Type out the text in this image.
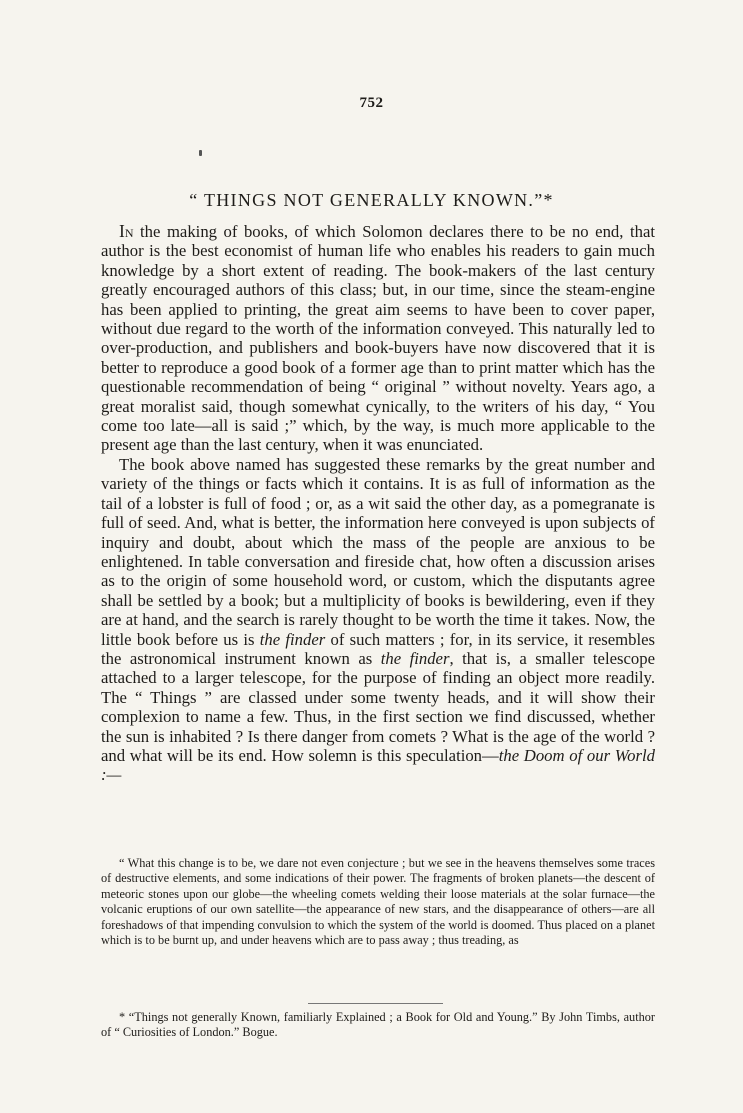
752
“ THINGS NOT GENERALLY KNOWN.”*

In the making of books, of which Solomon declares there to be no end, that author is the best economist of human life who enables his readers to gain much knowledge by a short extent of reading. The book-makers of the last century greatly encouraged authors of this class; but, in our time, since the steam-engine has been applied to printing, the great aim seems to have been to cover paper, without due regard to the worth of the information conveyed. This naturally led to over-production, and publishers and book-buyers have now discovered that it is better to reproduce a good book of a former age than to print matter which has the questionable recommendation of being “ original ” without novelty. Years ago, a great moralist said, though somewhat cynically, to the writers of his day, “ You come too late—all is said ;” which, by the way, is much more applicable to the present age than the last century, when it was enunciated.

The book above named has suggested these remarks by the great number and variety of the things or facts which it contains. It is as full of information as the tail of a lobster is full of food ; or, as a wit said the other day, as a pomegranate is full of seed. And, what is better, the information here conveyed is upon subjects of inquiry and doubt, about which the mass of the people are anxious to be enlightened. In table conversation and fireside chat, how often a discussion arises as to the origin of some household word, or custom, which the disputants agree shall be settled by a book; but a multiplicity of books is bewildering, even if they are at hand, and the search is rarely thought to be worth the time it takes. Now, the little book before us is the finder of such matters ; for, in its service, it resembles the astronomical instrument known as the finder, that is, a smaller telescope attached to a larger telescope, for the purpose of finding an object more readily. The “ Things ” are classed under some twenty heads, and it will show their complexion to name a few. Thus, in the first section we find discussed, whether the sun is inhabited ? Is there danger from comets ? What is the age of the world ? and what will be its end. How solemn is this speculation—the Doom of our World :—

“ What this change is to be, we dare not even conjecture ; but we see in the heavens themselves some traces of destructive elements, and some indications of their power. The fragments of broken planets—the descent of meteoric stones upon our globe—the wheeling comets welding their loose materials at the solar furnace—the volcanic eruptions of our own satellite—the appearance of new stars, and the disappearance of others—are all foreshadows of that impending convulsion to which the system of the world is doomed. Thus placed on a planet which is to be burnt up, and under heavens which are to pass away ; thus treading, as

* “Things not generally Known, familiarly Explained ; a Book for Old and Young.” By John Timbs, author of “ Curiosities of London.” Bogue.
